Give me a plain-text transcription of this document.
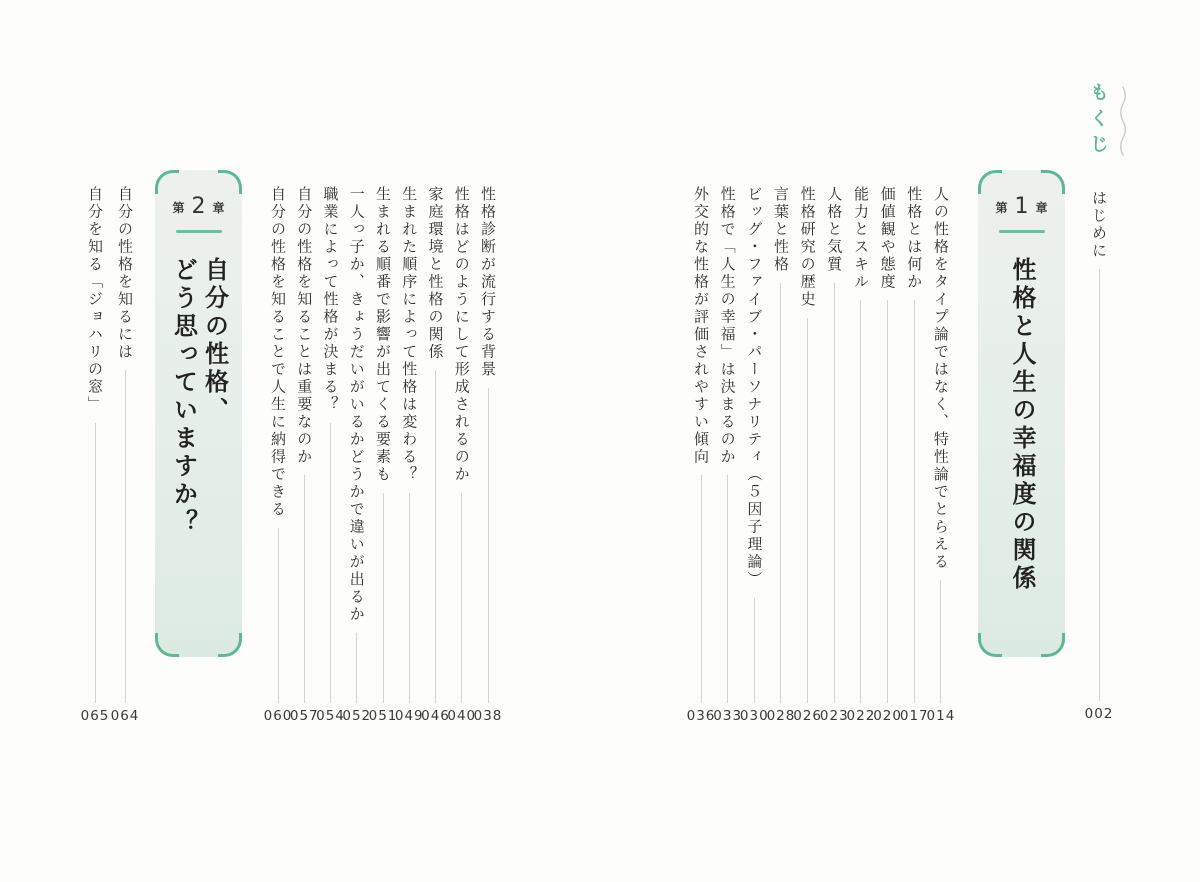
もくじ
はじめに
002
第 1 章
性格と人生の幸福度の関係
人の性格をタイプ論ではなく、特性論でとらえる
014
性格とは何か
017
価値観や態度
020
能力とスキル
022
人格と気質
023
性格研究の歴史
026
言葉と性格
028
ビッグ・ファイブ・パーソナリティ（５因子理論）
030
性格で「人生の幸福」は決まるのか
033
外交的な性格が評価されやすい傾向
036
性格診断が流行する背景
038
性格はどのようにして形成されるのか
040
家庭環境と性格の関係
046
生まれた順序によって性格は変わる？
049
生まれる順番で影響が出てくる要素も
051
一人っ子か、きょうだいがいるかどうかで違いが出るか
052
職業によって性格が決まる？
054
自分の性格を知ることは重要なのか
057
自分の性格を知ることで人生に納得できる
060
第 2 章
自分の性格、
どう思っていますか？
自分の性格を知るには
064
自分を知る「ジョハリの窓」
065
